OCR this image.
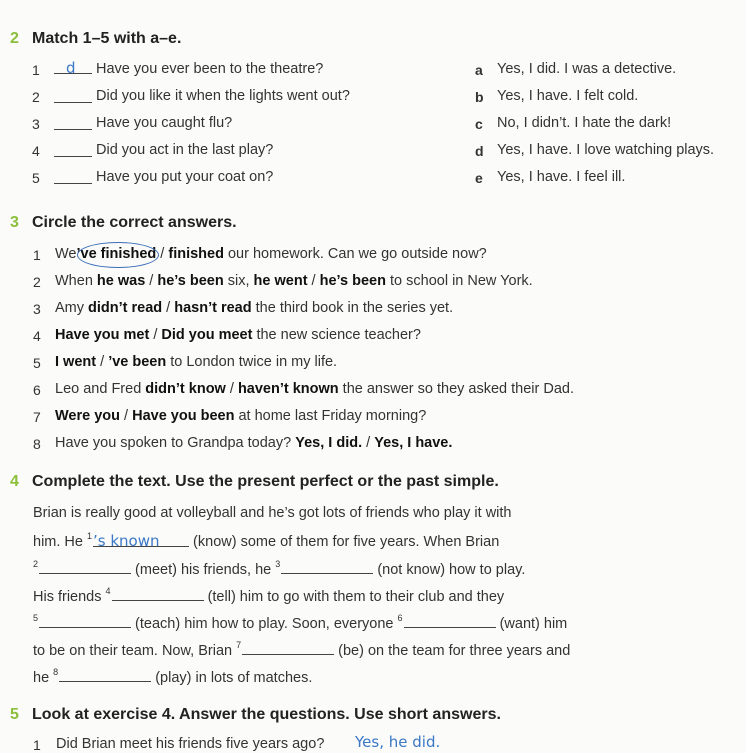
2 Match 1–5 with a–e.
1	d	Have you ever been to the theatre?
2	Did you like it when the lights went out?
3	Have you caught flu?
4	Did you act in the last play?
5	Have you put your coat on?
a Yes, I did. I was a detective.
b Yes, I have. I felt cold.
c No, I didn’t. I hate the dark!
d Yes, I have. I love watching plays.
e Yes, I have. I feel ill.
3 Circle the correct answers.
1 We’ve finished / finished our homework. Can we go outside now?
2 When he was / he’s been six, he went / he’s been to school in New York.
3 Amy didn’t read / hasn’t read the third book in the series yet.
4 Have you met / Did you meet the new science teacher?
5 I went / ’ve been to London twice in my life.
6 Leo and Fred didn’t know / haven’t known the answer so they asked their Dad.
7 Were you / Have you been at home last Friday morning?
8 Have you spoken to Grandpa today? Yes, I did. / Yes, I have.
4 Complete the text. Use the present perfect or the past simple.
Brian is really good at volleyball and he’s got lots of friends who play it with
him. He $^1$’s known (know) some of them for five years. When Brian
$^2$	(meet) his friends, he $^3$	(not know) how to play.
His friends $^4$	(tell) him to go with them to their club and they
$^5$	(teach) him how to play. Soon, everyone $^6$	(want) him
to be on their team. Now, Brian $^7$	(be) on the team for three years and
he $^8$	(play) in lots of matches.
5 Look at exercise 4. Answer the questions. Use short answers.
1 Did Brian meet his friends five years ago? Yes, he did.
